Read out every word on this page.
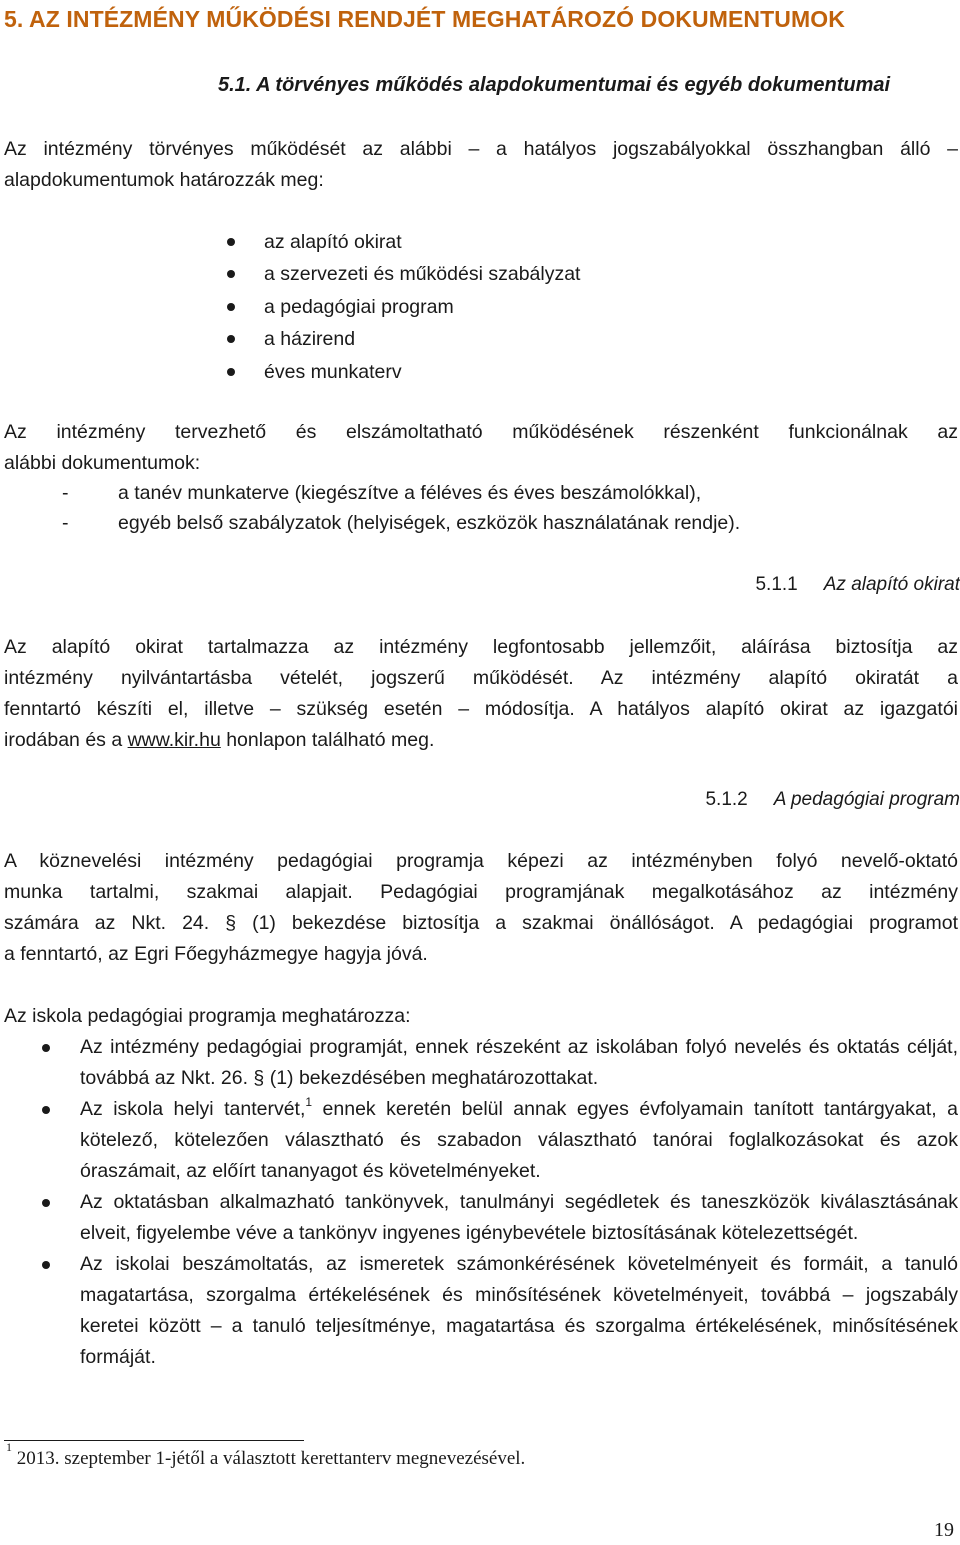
5. AZ INTÉZMÉNY MŰKÖDÉSI RENDJÉT MEGHATÁROZÓ DOKUMENTUMOK
5.1. A törvényes működés alapdokumentumai és egyéb dokumentumai
Az intézmény törvényes működését az alábbi – a hatályos jogszabályokkal összhangban álló –
alapdokumentumok határozzák meg:
az alapító okirat
a szervezeti és működési szabályzat
a pedagógiai program
a házirend
éves munkaterv
Az intézmény tervezhető és elszámoltatható működésének részenként funkcionálnak az
alábbi dokumentumok:
-	a tanév munkaterve (kiegészítve a féléves és éves beszámolókkal),
-	egyéb belső szabályzatok (helyiségek, eszközök használatának rendje).
5.1.1 Az alapító okirat
Az alapító okirat tartalmazza az intézmény legfontosabb jellemzőit, aláírása biztosítja az
intézmény nyilvántartásba vételét, jogszerű működését. Az intézmény alapító okiratát a
fenntartó készíti el, illetve – szükség esetén – módosítja. A hatályos alapító okirat az igazgatói
irodában és a www.kir.hu honlapon található meg.
5.1.2 A pedagógiai program
A köznevelési intézmény pedagógiai programja képezi az intézményben folyó nevelő-oktató
munka tartalmi, szakmai alapjait. Pedagógiai programjának megalkotásához az intézmény
számára az Nkt. 24. § (1) bekezdése biztosítja a szakmai önállóságot. A pedagógiai programot
a fenntartó, az Egri Főegyházmegye hagyja jóvá.
Az iskola pedagógiai programja meghatározza:
Az intézmény pedagógiai programját, ennek részeként az iskolában folyó nevelés és oktatás célját, továbbá az Nkt. 26. § (1) bekezdésében meghatározottakat.
Az iskola helyi tantervét,$^1$ ennek keretén belül annak egyes évfolyamain tanított tantárgyakat, a kötelező, kötelezően választható és szabadon választható tanórai foglalkozásokat és azok óraszámait, az előírt tananyagot és követelményeket.
Az oktatásban alkalmazható tankönyvek, tanulmányi segédletek és taneszközök kiválasztásának elveit, figyelembe véve a tankönyv ingyenes igénybevétele biztosításának kötelezettségét.
Az iskolai beszámoltatás, az ismeretek számonkérésének követelményeit és formáit, a tanuló magatartása, szorgalma értékelésének és minősítésének követelményeit, továbbá – jogszabály keretei között – a tanuló teljesítménye, magatartása és szorgalma értékelésének, minősítésének formáját.
$^1$ 2013. szeptember 1-jétől a választott kerettanterv megnevezésével.
19
